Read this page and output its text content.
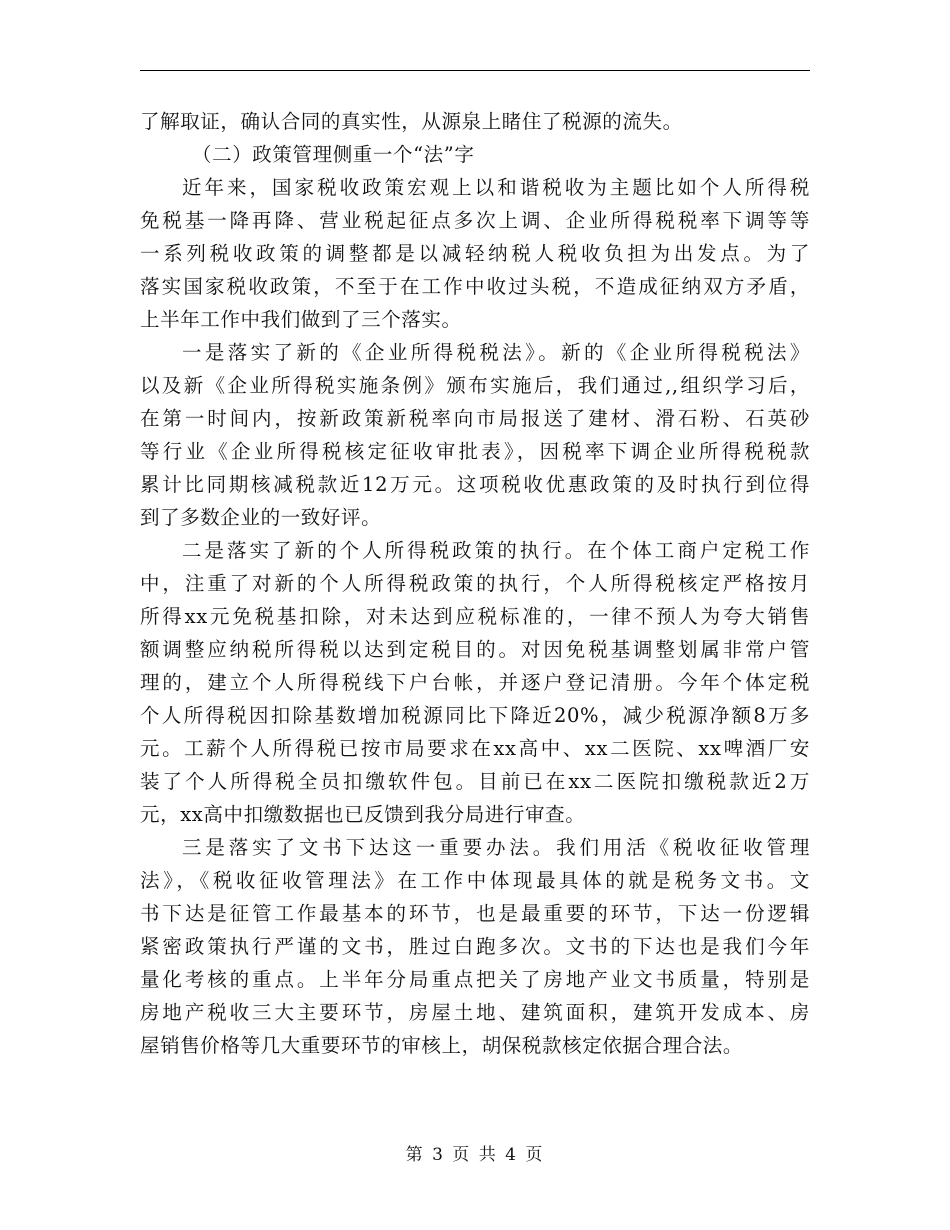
了解取证，确认合同的真实性，从源泉上睹住了税源的流失。
（二）政策管理侧重一个“法”字
近年来，国家税收政策宏观上以和谐税收为主题比如个人所得税
免税基一降再降、营业税起征点多次上调、企业所得税税率下调等等
一系列税收政策的调整都是以减轻纳税人税收负担为出发点。为了
落实国家税收政策，不至于在工作中收过头税，不造成征纳双方矛盾，
上半年工作中我们做到了三个落实。
一是落实了新的《企业所得税税法》。新的《企业所得税税法》
以及新《企业所得税实施条例》颁布实施后，我们通过,,组织学习后，
在第一时间内，按新政策新税率向市局报送了建材、滑石粉、石英砂
等行业《企业所得税核定征收审批表》，因税率下调企业所得税税款
累计比同期核减税款近12万元。这项税收优惠政策的及时执行到位得
到了多数企业的一致好评。
二是落实了新的个人所得税政策的执行。在个体工商户定税工作
中，注重了对新的个人所得税政策的执行，个人所得税核定严格按月
所得xx元免税基扣除，对未达到应税标准的，一律不预人为夸大销售
额调整应纳税所得税以达到定税目的。对因免税基调整划属非常户管
理的，建立个人所得税线下户台帐，并逐户登记清册。今年个体定税
个人所得税因扣除基数增加税源同比下降近20%，减少税源净额8万多
元。工薪个人所得税已按市局要求在xx高中、xx二医院、xx啤酒厂安
装了个人所得税全员扣缴软件包。目前已在xx二医院扣缴税款近2万
元，xx高中扣缴数据也已反馈到我分局进行审查。
三是落实了文书下达这一重要办法。我们用活《税收征收管理
法》，《税收征收管理法》在工作中体现最具体的就是税务文书。文
书下达是征管工作最基本的环节，也是最重要的环节，下达一份逻辑
紧密政策执行严谨的文书，胜过白跑多次。文书的下达也是我们今年
量化考核的重点。上半年分局重点把关了房地产业文书质量，特别是
房地产税收三大主要环节，房屋土地、建筑面积，建筑开发成本、房
屋销售价格等几大重要环节的审核上，胡保税款核定依据合理合法。
第 3 页 共 4 页
